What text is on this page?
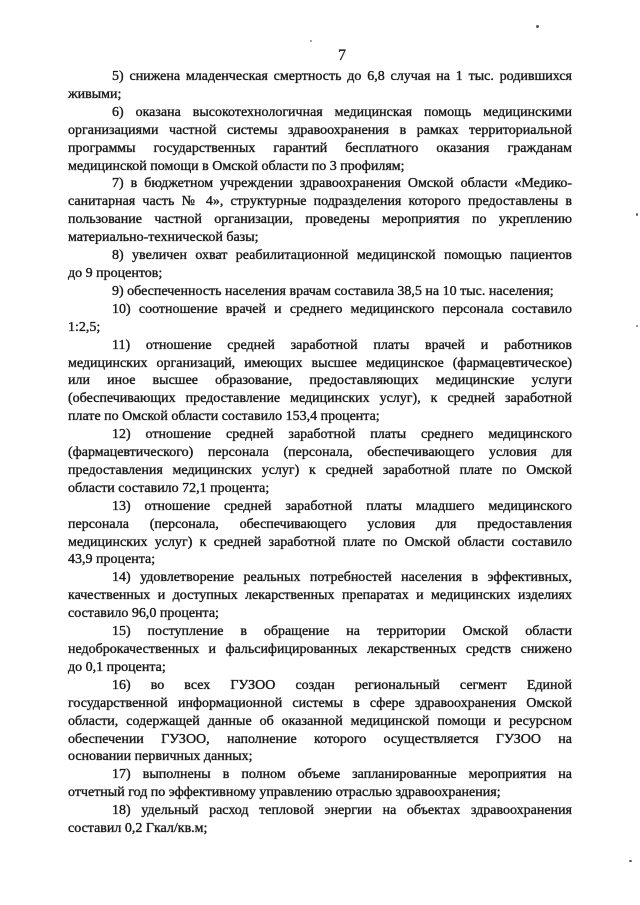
7

5) снижена младенческая смертность до 6,8 случая на 1 тыс. родившихся
живыми;

6) оказана высокотехнологичная медицинская помощь медицинскими
организациями частной системы здравоохранения в рамках территориальной
программы государственных гарантий бесплатного оказания гражданам
медицинской помощи в Омской области по 3 профилям;

7) в бюджетном учреждении здравоохранения Омской области «Медико-
санитарная часть № 4», структурные подразделения которого предоставлены в
пользование частной организации, проведены мероприятия по укреплению
материально-технической базы;

8) увеличен охват реабилитационной медицинской помощью пациентов
до 9 процентов;

9) обеспеченность населения врачам составила 38,5 на 10 тыс. населения;

10) соотношение врачей и среднего медицинского персонала составило
1:2,5;

11) отношение средней заработной платы врачей и работников
медицинских организаций, имеющих высшее медицинское (фармацевтическое)
или иное высшее образование, предоставляющих медицинские услуги
(обеспечивающих предоставление медицинских услуг), к средней заработной
плате по Омской области составило 153,4 процента;

12) отношение средней заработной платы среднего медицинского
(фармацевтического) персонала (персонала, обеспечивающего условия для
предоставления медицинских услуг) к средней заработной плате по Омской
области составило 72,1 процента;

13) отношение средней заработной платы младшего медицинского
персонала (персонала, обеспечивающего условия для предоставления
медицинских услуг) к средней заработной плате по Омской области составило
43,9 процента;

14) удовлетворение реальных потребностей населения в эффективных,
качественных и доступных лекарственных препаратах и медицинских изделиях
составило 96,0 процента;

15) поступление в обращение на территории Омской области
недоброкачественных и фальсифицированных лекарственных средств снижено
до 0,1 процента;

16) во всех ГУЗОО создан региональный сегмент Единой
государственной информационной системы в сфере здравоохранения Омской
области, содержащей данные об оказанной медицинской помощи и ресурсном
обеспечении ГУЗОО, наполнение которого осуществляется ГУЗОО на
основании первичных данных;

17) выполнены в полном объеме запланированные мероприятия на
отчетный год по эффективному управлению отраслью здравоохранения;

18) удельный расход тепловой энергии на объектах здравоохранения
составил 0,2 Гкал/кв.м;
